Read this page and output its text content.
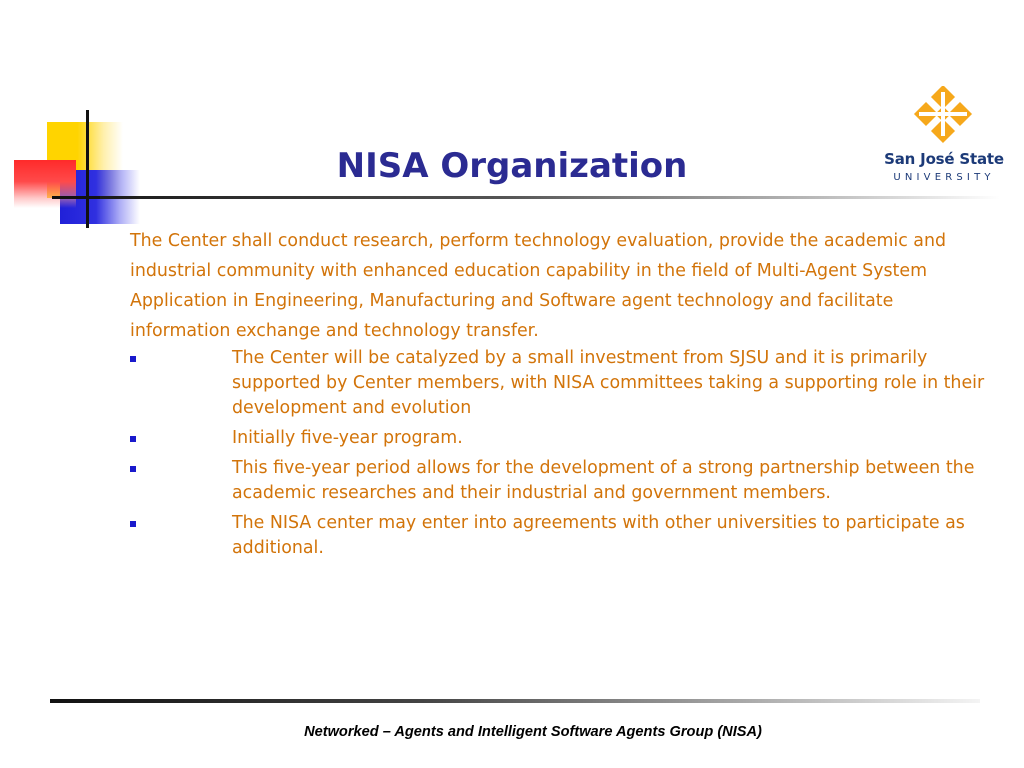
NISA Organization	San José State
UNIVERSITY

The Center shall conduct research, perform technology evaluation, provide the academic and industrial community with enhanced education capability in the field of Multi-Agent System Application in Engineering, Manufacturing and Software agent technology and facilitate information exchange and technology transfer.

The Center will be catalyzed by a small investment from SJSU and it is primarily supported by Center members, with NISA committees taking a supporting role in their development and evolution
Initially five-year program.
This five-year period allows for the development of a strong partnership between the academic researches and their industrial and government members.
The NISA center may enter into agreements with other universities to participate as additional.
Networked – Agents and Intelligent Software Agents Group (NISA)
